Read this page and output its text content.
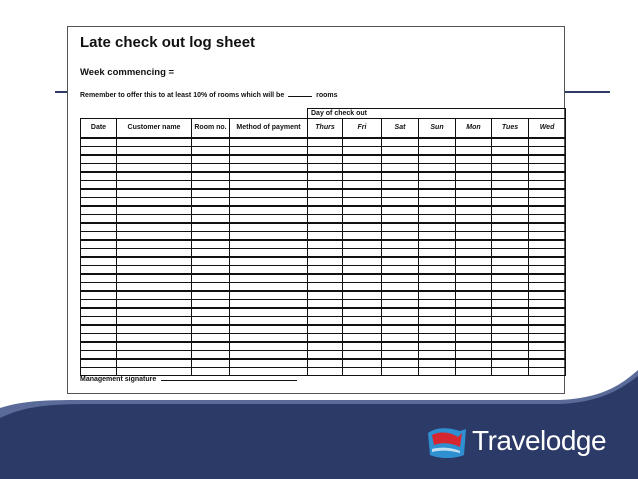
Late check out log sheet
Week commencing =
Remember to offer this to at least 10% of rooms which will be	rooms
				Day of check out						
Date	Customer name	Room no.	Method of payment	Thurs	Fri	Sat	Sun	Mon	Tues	Wed

Management signature
Travelodge
